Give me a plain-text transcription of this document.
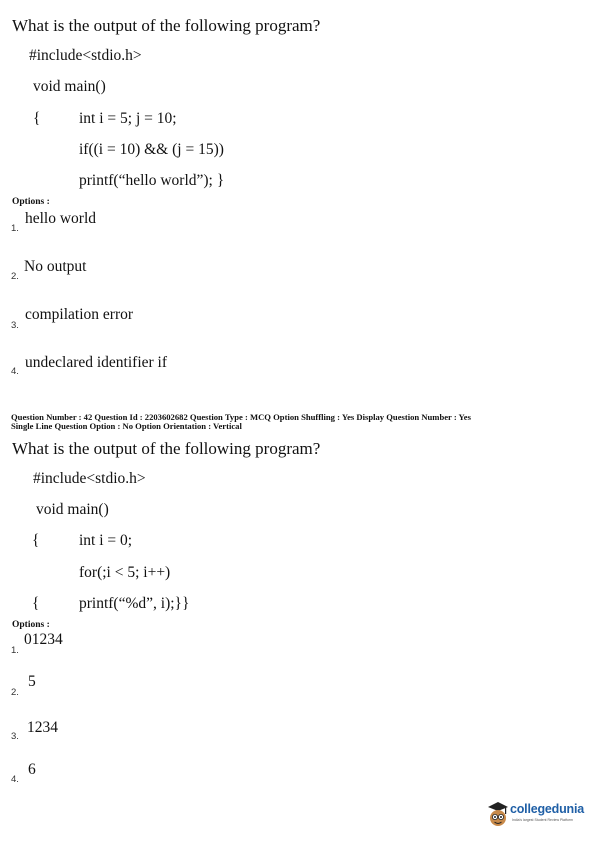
What is the output of the following program?
#include<stdio.h>
void main()
{ int i = 5; j = 10;
if((i = 10) && (j = 15))
printf(“hello world”); }
Options :
1.
hello world
2.
No output
3.
compilation error
4.
undeclared identifier if
Question Number : 42 Question Id : 2203602682 Question Type : MCQ Option Shuffling : Yes Display Question Number : Yes
Single Line Question Option : No Option Orientation : Vertical
What is the output of the following program?
#include<stdio.h>
void main()
{	int i = 0;
for(;i < 5; i++)
{	printf(“%d”, i);}}
Options :
1.
01234
2.
5
3.
1234
4.
6
collegedunia
India's largest Student Review Platform
